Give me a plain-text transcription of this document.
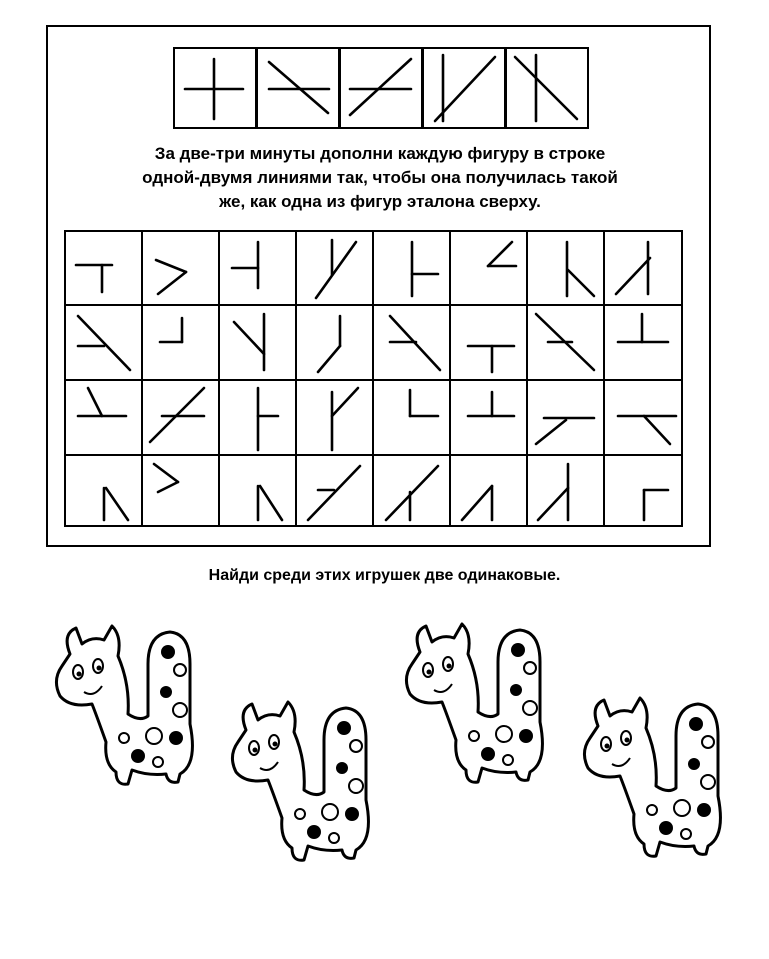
За две-три минуты дополни каждую фигуру в строке
одной-двумя линиями так, чтобы она получилась такой
же, как одна из фигур эталона сверху.
Найди среди этих игрушек две одинаковые.
